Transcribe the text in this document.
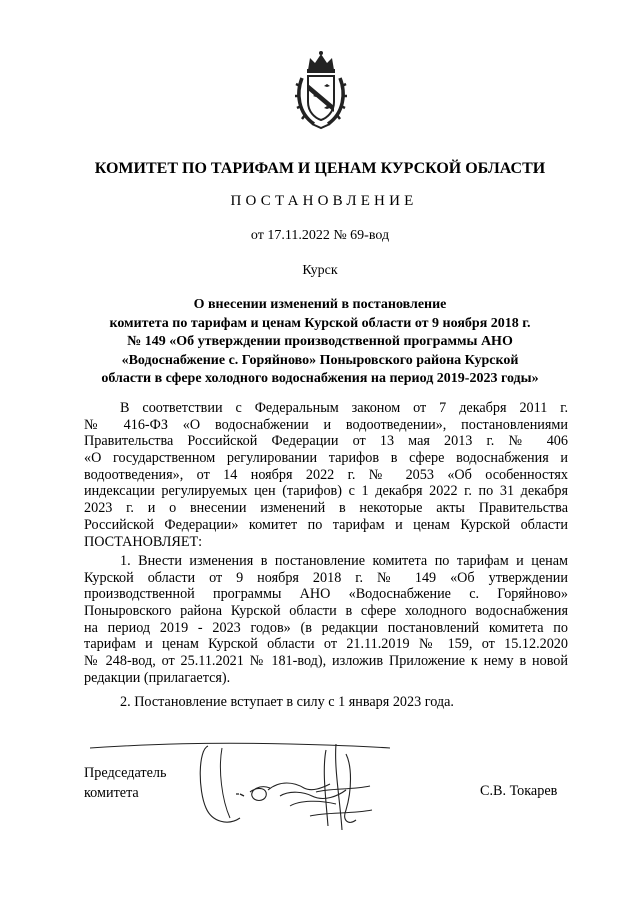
КОМИТЕТ ПО ТАРИФАМ И ЦЕНАМ КУРСКОЙ ОБЛАСТИ
ПОСТАНОВЛЕНИЕ
от 17.11.2022 № 69-вод
Курск
О внесении изменений в постановление
комитета по тарифам и ценам Курской области от 9 ноября 2018 г.
№ 149 «Об утверждении производственной программы АНО
«Водоснабжение с. Горяйново» Поныровского района Курской
области в сфере холодного водоснабжения на период 2019-2023 годы»
В соответствии с Федеральным законом от 7 декабря 2011 г.
№ 416-ФЗ «О водоснабжении и водоотведении», постановлениями
Правительства Российской Федерации от 13 мая 2013 г. № 406
«О государственном регулировании тарифов в сфере водоснабжения и
водоотведения», от 14 ноября 2022 г. № 2053 «Об особенностях
индексации регулируемых цен (тарифов) с 1 декабря 2022 г. по 31 декабря
2023 г. и о внесении изменений в некоторые акты Правительства
Российской Федерации» комитет по тарифам и ценам Курской области
ПОСТАНОВЛЯЕТ:
1. Внести изменения в постановление комитета по тарифам и ценам
Курской области от 9 ноября 2018 г. № 149 «Об утверждении
производственной программы АНО «Водоснабжение с. Горяйново»
Поныровского района Курской области в сфере холодного водоснабжения
на период 2019 - 2023 годов» (в редакции постановлений комитета по
тарифам и ценам Курской области от 21.11.2019 № 159, от 15.12.2020
№ 248-вод, от 25.11.2021 № 181-вод), изложив Приложение к нему в новой
редакции (прилагается).
2. Постановление вступает в силу с 1 января 2023 года.
Председатель
комитета	С.В. Токарев
